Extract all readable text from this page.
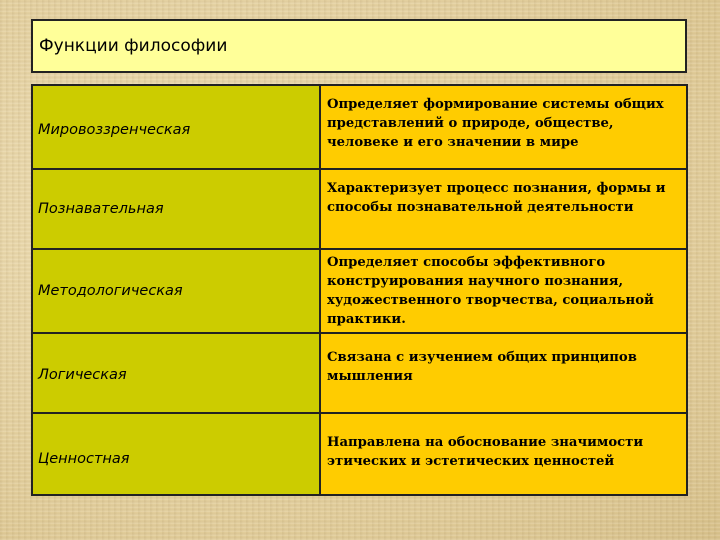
Функции философии
Мировоззренческая
Определяет формирование системы общих представлений о природе, обществе, человеке и его значении в мире
Познавательная
Характеризует процесс познания, формы и способы познавательной деятельности
Методологическая
Определяет способы эффективного конструирования научного познания, художественного творчества, социальной практики.
Логическая
Связана с изучением общих принципов мышления
Ценностная
Направлена на обоснование значимости этических и эстетических ценностей
